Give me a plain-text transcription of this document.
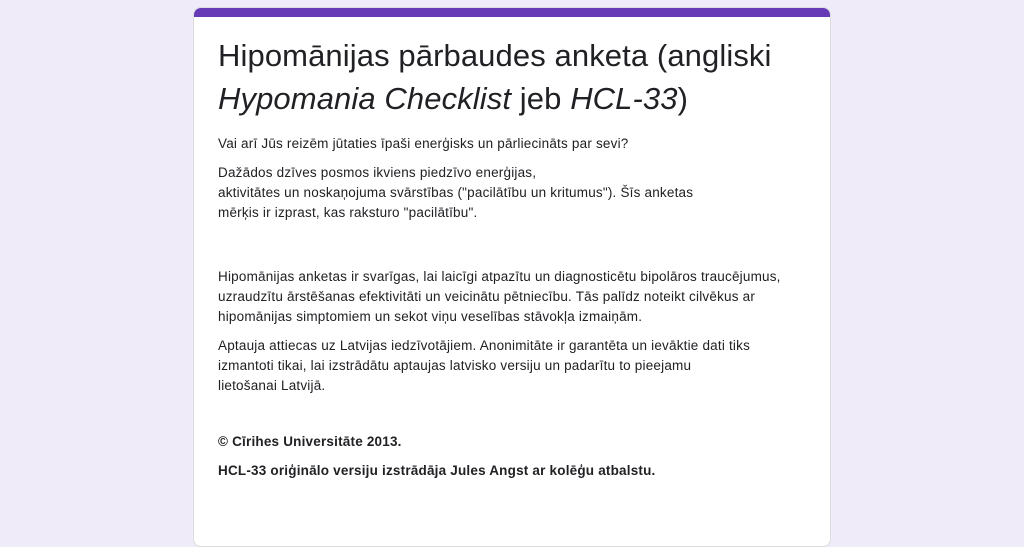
Hipomānijas pārbaudes anketa (angliski
Hypomania Checklist jeb HCL-33)
Vai arī Jūs reizēm jūtaties īpaši enerģisks un pārliecināts par sevi?
Dažādos dzīves posmos ikviens piedzīvo enerģijas,
aktivitātes un noskaņojuma svārstības ("pacilātību un kritumus"). Šīs anketas
mērķis ir izprast, kas raksturo "pacilātību".
Hipomānijas anketas ir svarīgas, lai laicīgi atpazītu un diagnosticētu bipolāros traucējumus,
uzraudzītu ārstēšanas efektivitāti un veicinātu pētniecību. Tās palīdz noteikt cilvēkus ar
hipomānijas simptomiem un sekot viņu veselības stāvokļa izmaiņām.
Aptauja attiecas uz Latvijas iedzīvotājiem. Anonimitāte ir garantēta un ievāktie dati tiks
izmantoti tikai, lai izstrādātu aptaujas latvisko versiju un padarītu to pieejamu
lietošanai Latvijā.
© Cīrihes Universitāte 2013.
HCL-33 oriģinālo versiju izstrādāja Jules Angst ar kolēģu atbalstu.
